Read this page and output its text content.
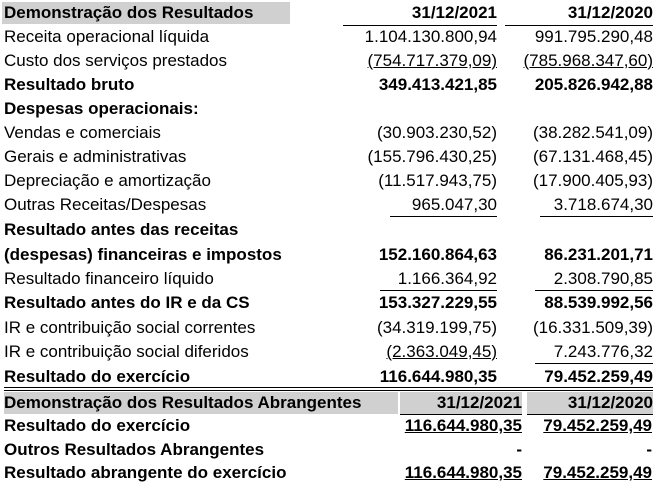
Demonstração dos Resultados	31/12/2021	31/12/2020
Receita operacional líquida	1.104.130.800,94	991.795.290,48
Custo dos serviços prestados	(754.717.379,09)	(785.968.347,60)
Resultado bruto	349.413.421,85	205.826.942,88
Despesas operacionais:
Vendas e comerciais	(30.903.230,52)	(38.282.541,09)
Gerais e administrativas	(155.796.430,25)	(67.131.468,45)
Depreciação e amortização	(11.517.943,75)	(17.900.405,93)
Outras Receitas/Despesas	965.047,30	3.718.674,30
Resultado antes das receitas
(despesas) financeiras e impostos	152.160.864,63	86.231.201,71
Resultado financeiro líquido	1.166.364,92	2.308.790,85
Resultado antes do IR e da CS	153.327.229,55	88.539.992,56
IR e contribuição social correntes	(34.319.199,75)	(16.331.509,39)
IR e contribuição social diferidos	(2.363.049,45)	7.243.776,32
Resultado do exercício	116.644.980,35	79.452.259,49
Demonstração dos Resultados Abrangentes	31/12/2021	31/12/2020
Resultado do exercício	116.644.980,35	79.452.259,49
Outros Resultados Abrangentes	-	-
Resultado abrangente do exercício	116.644.980,35	79.452.259,49
